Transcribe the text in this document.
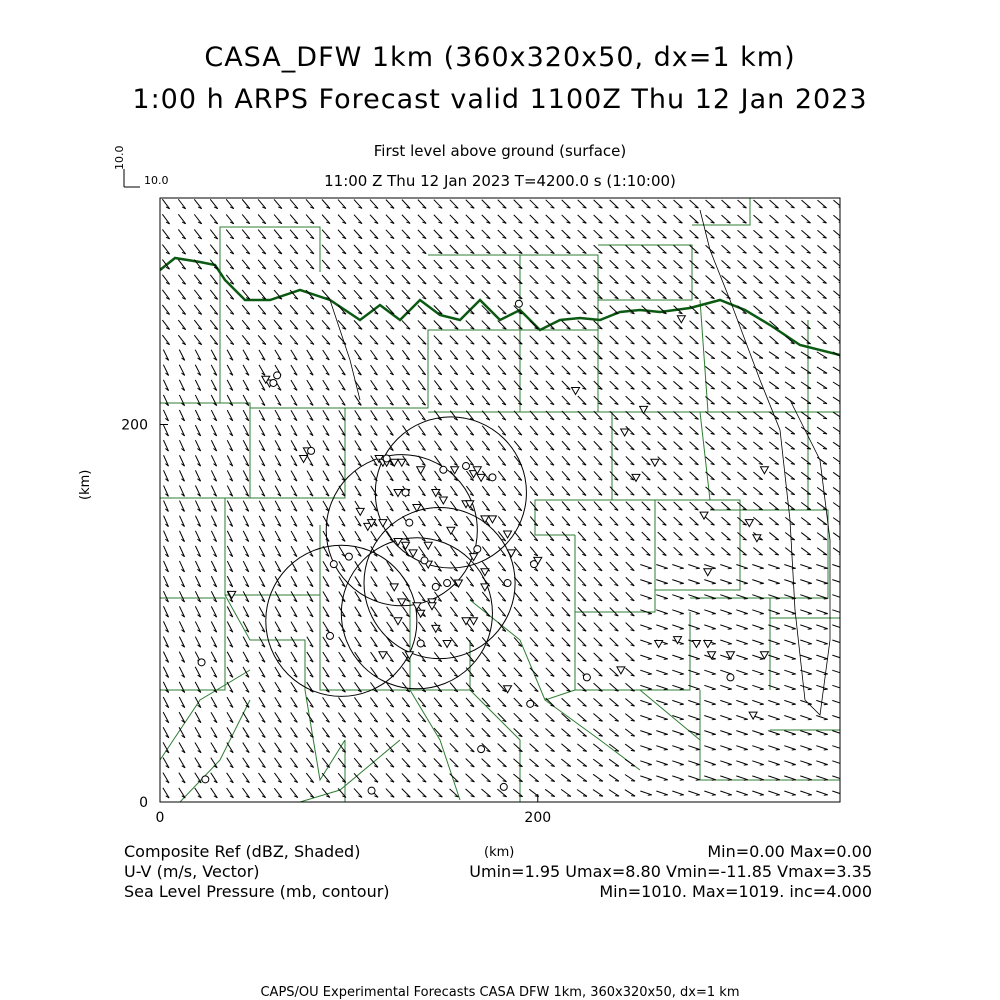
CASA_DFW 1km (360x320x50, dx=1 km)
1:00 h ARPS Forecast valid 1100Z Thu 12 Jan 2023
First level above ground (surface)
11:00 Z Thu 12 Jan 2023 T=4200.0 s (1:10:00)
10.0
10.0
0	200
0
200
(km)
Composite Ref (dBZ, Shaded)
U-V (m/s, Vector)
Sea Level Pressure (mb, contour)
(km)	Min=0.00 Max=0.00
Umin=1.95 Umax=8.80 Vmin=-11.85 Vmax=3.35
Min=1010. Max=1019. inc=4.000
CAPS/OU Experimental Forecasts CASA DFW 1km, 360x320x50, dx=1 km
